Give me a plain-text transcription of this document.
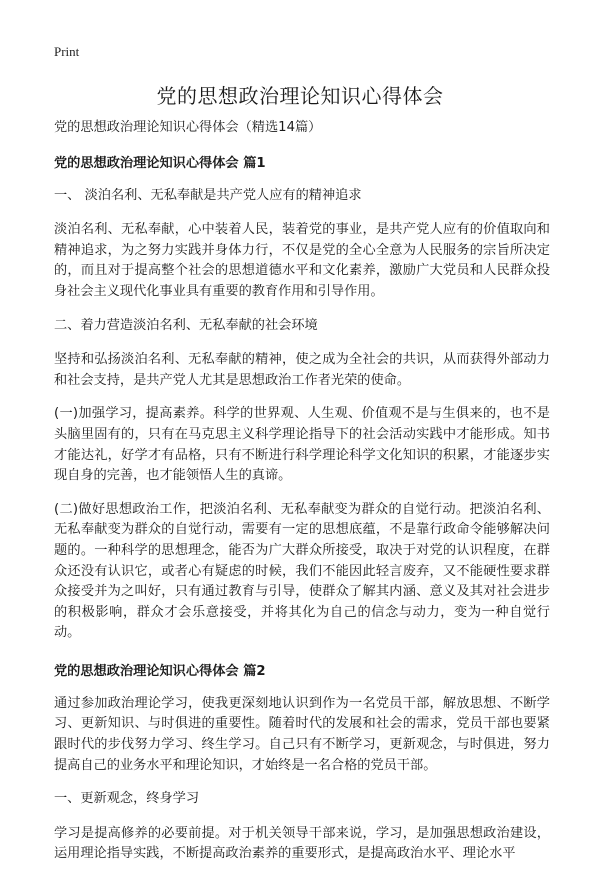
Print
党的思想政治理论知识心得体会

党的思想政治理论知识心得体会（精选14篇）

党的思想政治理论知识心得体会 篇1

一、 淡泊名利、无私奉献是共产党人应有的精神追求

淡泊名利、无私奉献，心中装着人民，装着党的事业，是共产党人应有的价值取向和精神追求，为之努力实践并身体力行，不仅是党的全心全意为人民服务的宗旨所决定的，而且对于提高整个社会的思想道德水平和文化素养，激励广大党员和人民群众投身社会主义现代化事业具有重要的教育作用和引导作用。

二、着力营造淡泊名利、无私奉献的社会环境

坚持和弘扬淡泊名利、无私奉献的精神，使之成为全社会的共识，从而获得外部动力和社会支持，是共产党人尤其是思想政治工作者光荣的使命。

(一)加强学习，提高素养。科学的世界观、人生观、价值观不是与生俱来的，也不是头脑里固有的，只有在马克思主义科学理论指导下的社会活动实践中才能形成。知书才能达礼，好学才有品格，只有不断进行科学理论科学文化知识的积累，才能逐步实现自身的完善，也才能领悟人生的真谛。

(二)做好思想政治工作，把淡泊名利、无私奉献变为群众的自觉行动。把淡泊名利、无私奉献变为群众的自觉行动，需要有一定的思想底蕴，不是靠行政命令能够解决问题的。一种科学的思想理念，能否为广大群众所接受，取决于对党的认识程度，在群众还没有认识它，或者心有疑虑的时候，我们不能因此轻言废弃，又不能硬性要求群众接受并为之叫好，只有通过教育与引导，使群众了解其内涵、意义及其对社会进步的积极影响，群众才会乐意接受，并将其化为自己的信念与动力，变为一种自觉行动。

党的思想政治理论知识心得体会 篇2

通过参加政治理论学习，使我更深刻地认识到作为一名党员干部，解放思想、不断学习、更新知识、与时俱进的重要性。随着时代的发展和社会的需求，党员干部也要紧跟时代的步伐努力学习、终生学习。自己只有不断学习，更新观念，与时俱进，努力提高自己的业务水平和理论知识，才始终是一名合格的党员干部。

一、更新观念，终身学习

学习是提高修养的必要前提。对于机关领导干部来说，学习，是加强思想政治建设，运用理论指导实践，不断提高政治素养的重要形式，是提高政治水平、理论水平
